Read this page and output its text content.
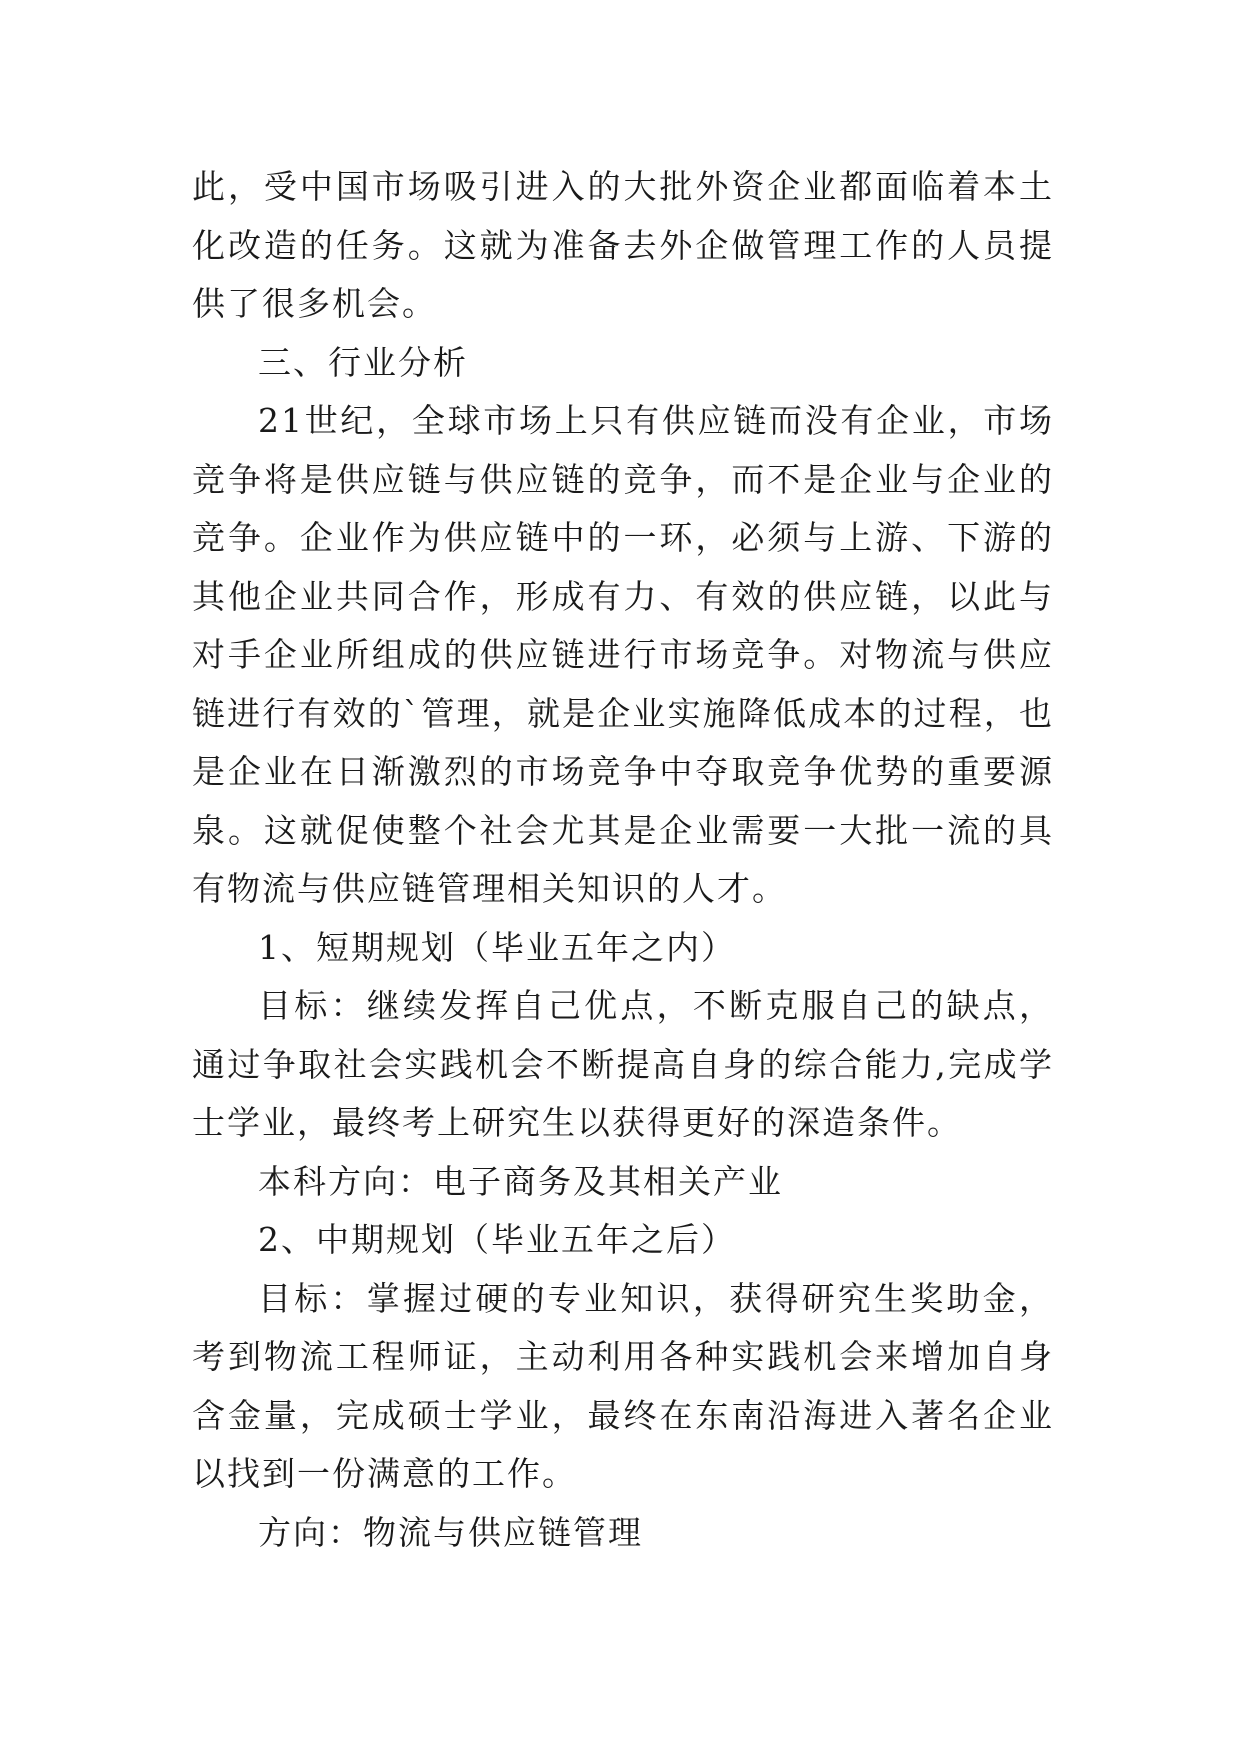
此，受中国市场吸引进入的大批外资企业都面临着本土化改造的任务。这就为准备去外企做管理工作的人员提供了很多机会。

三、行业分析

21世纪，全球市场上只有供应链而没有企业，市场竞争将是供应链与供应链的竞争，而不是企业与企业的竞争。企业作为供应链中的一环，必须与上游、下游的其他企业共同合作，形成有力、有效的供应链，以此与对手企业所组成的供应链进行市场竞争。对物流与供应链进行有效的`管理，就是企业实施降低成本的过程，也是企业在日渐激烈的市场竞争中夺取竞争优势的重要源泉。这就促使整个社会尤其是企业需要一大批一流的具有物流与供应链管理相关知识的人才。

1、短期规划（毕业五年之内）

目标：继续发挥自己优点，不断克服自己的缺点，通过争取社会实践机会不断提高自身的综合能力,完成学士学业，最终考上研究生以获得更好的深造条件。

本科方向：电子商务及其相关产业

2、中期规划（毕业五年之后）

目标：掌握过硬的专业知识，获得研究生奖助金，考到物流工程师证，主动利用各种实践机会来增加自身含金量，完成硕士学业，最终在东南沿海进入著名企业以找到一份满意的工作。

方向：物流与供应链管理
